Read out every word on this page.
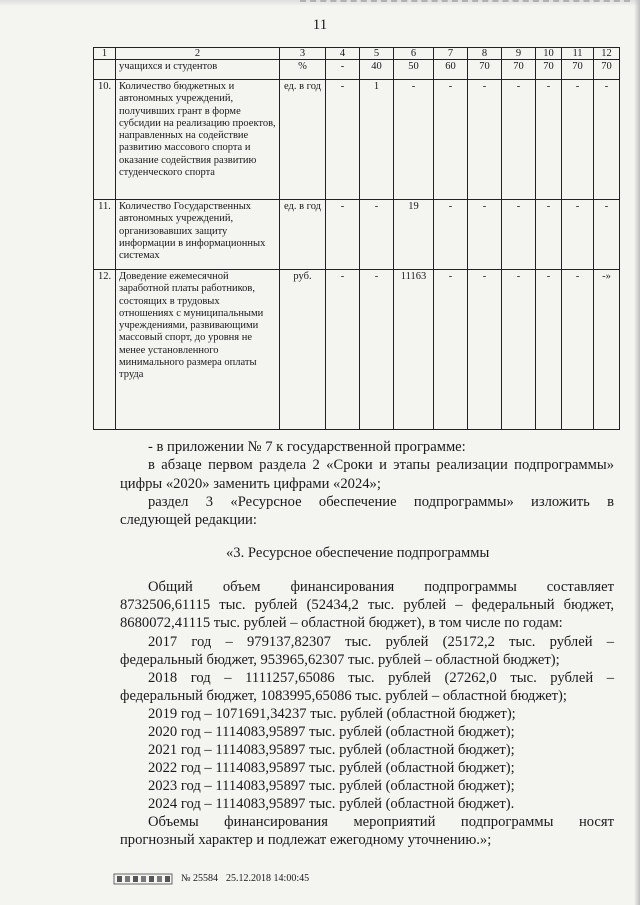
11
1	2	3	4	5	6	7	8	9	10	11	12
	учащихся и студентов	%	-	40	50	60	70	70	70	70	70
10.	Количество бюджетных и автономных учреждений, получивших грант в форме субсидии на реализацию проектов, направленных на содействие развитию массового спорта и оказание содействия развитию студенческого спорта	ед. в год	-	1	-	-	-	-	-	-	-
11.	Количество Государственных автономных учреждений, организовавших защиту информации в информационных системах	ед. в год	-	-	19	-	-	-	-	-	-
12.	Доведение ежемесячной заработной платы работников, состоящих в трудовых отношениях с муниципальными учреждениями, развивающими массовый спорт, до уровня не менее установленного минимального размера оплаты труда	руб.	-	-	11163	-	-	-	-	-	-»
- в приложении № 7 к государственной программе:
в абзаце первом раздела 2 «Сроки и этапы реализации подпрограммы»
цифры «2020» заменить цифрами «2024»;
раздел 3 «Ресурсное обеспечение подпрограммы» изложить в
следующей редакции:
«3. Ресурсное обеспечение подпрограммы
Общий объем финансирования подпрограммы составляет
8732506,61115 тыс. рублей (52434,2 тыс. рублей – федеральный бюджет,
8680072,41115 тыс. рублей – областной бюджет), в том числе по годам:
2017 год – 979137,82307 тыс. рублей (25172,2 тыс. рублей –
федеральный бюджет, 953965,62307 тыс. рублей – областной бюджет);
2018 год – 1111257,65086 тыс. рублей (27262,0 тыс. рублей –
федеральный бюджет, 1083995,65086 тыс. рублей – областной бюджет);
2019 год – 1071691,34237 тыс. рублей (областной бюджет);
2020 год – 1114083,95897 тыс. рублей (областной бюджет);
2021 год – 1114083,95897 тыс. рублей (областной бюджет);
2022 год – 1114083,95897 тыс. рублей (областной бюджет);
2023 год – 1114083,95897 тыс. рублей (областной бюджет);
2024 год – 1114083,95897 тыс. рублей (областной бюджет).
Объемы финансирования мероприятий подпрограммы носят
прогнозный характер и подлежат ежегодному уточнению.»;
№ 25584 25.12.2018 14:00:45
